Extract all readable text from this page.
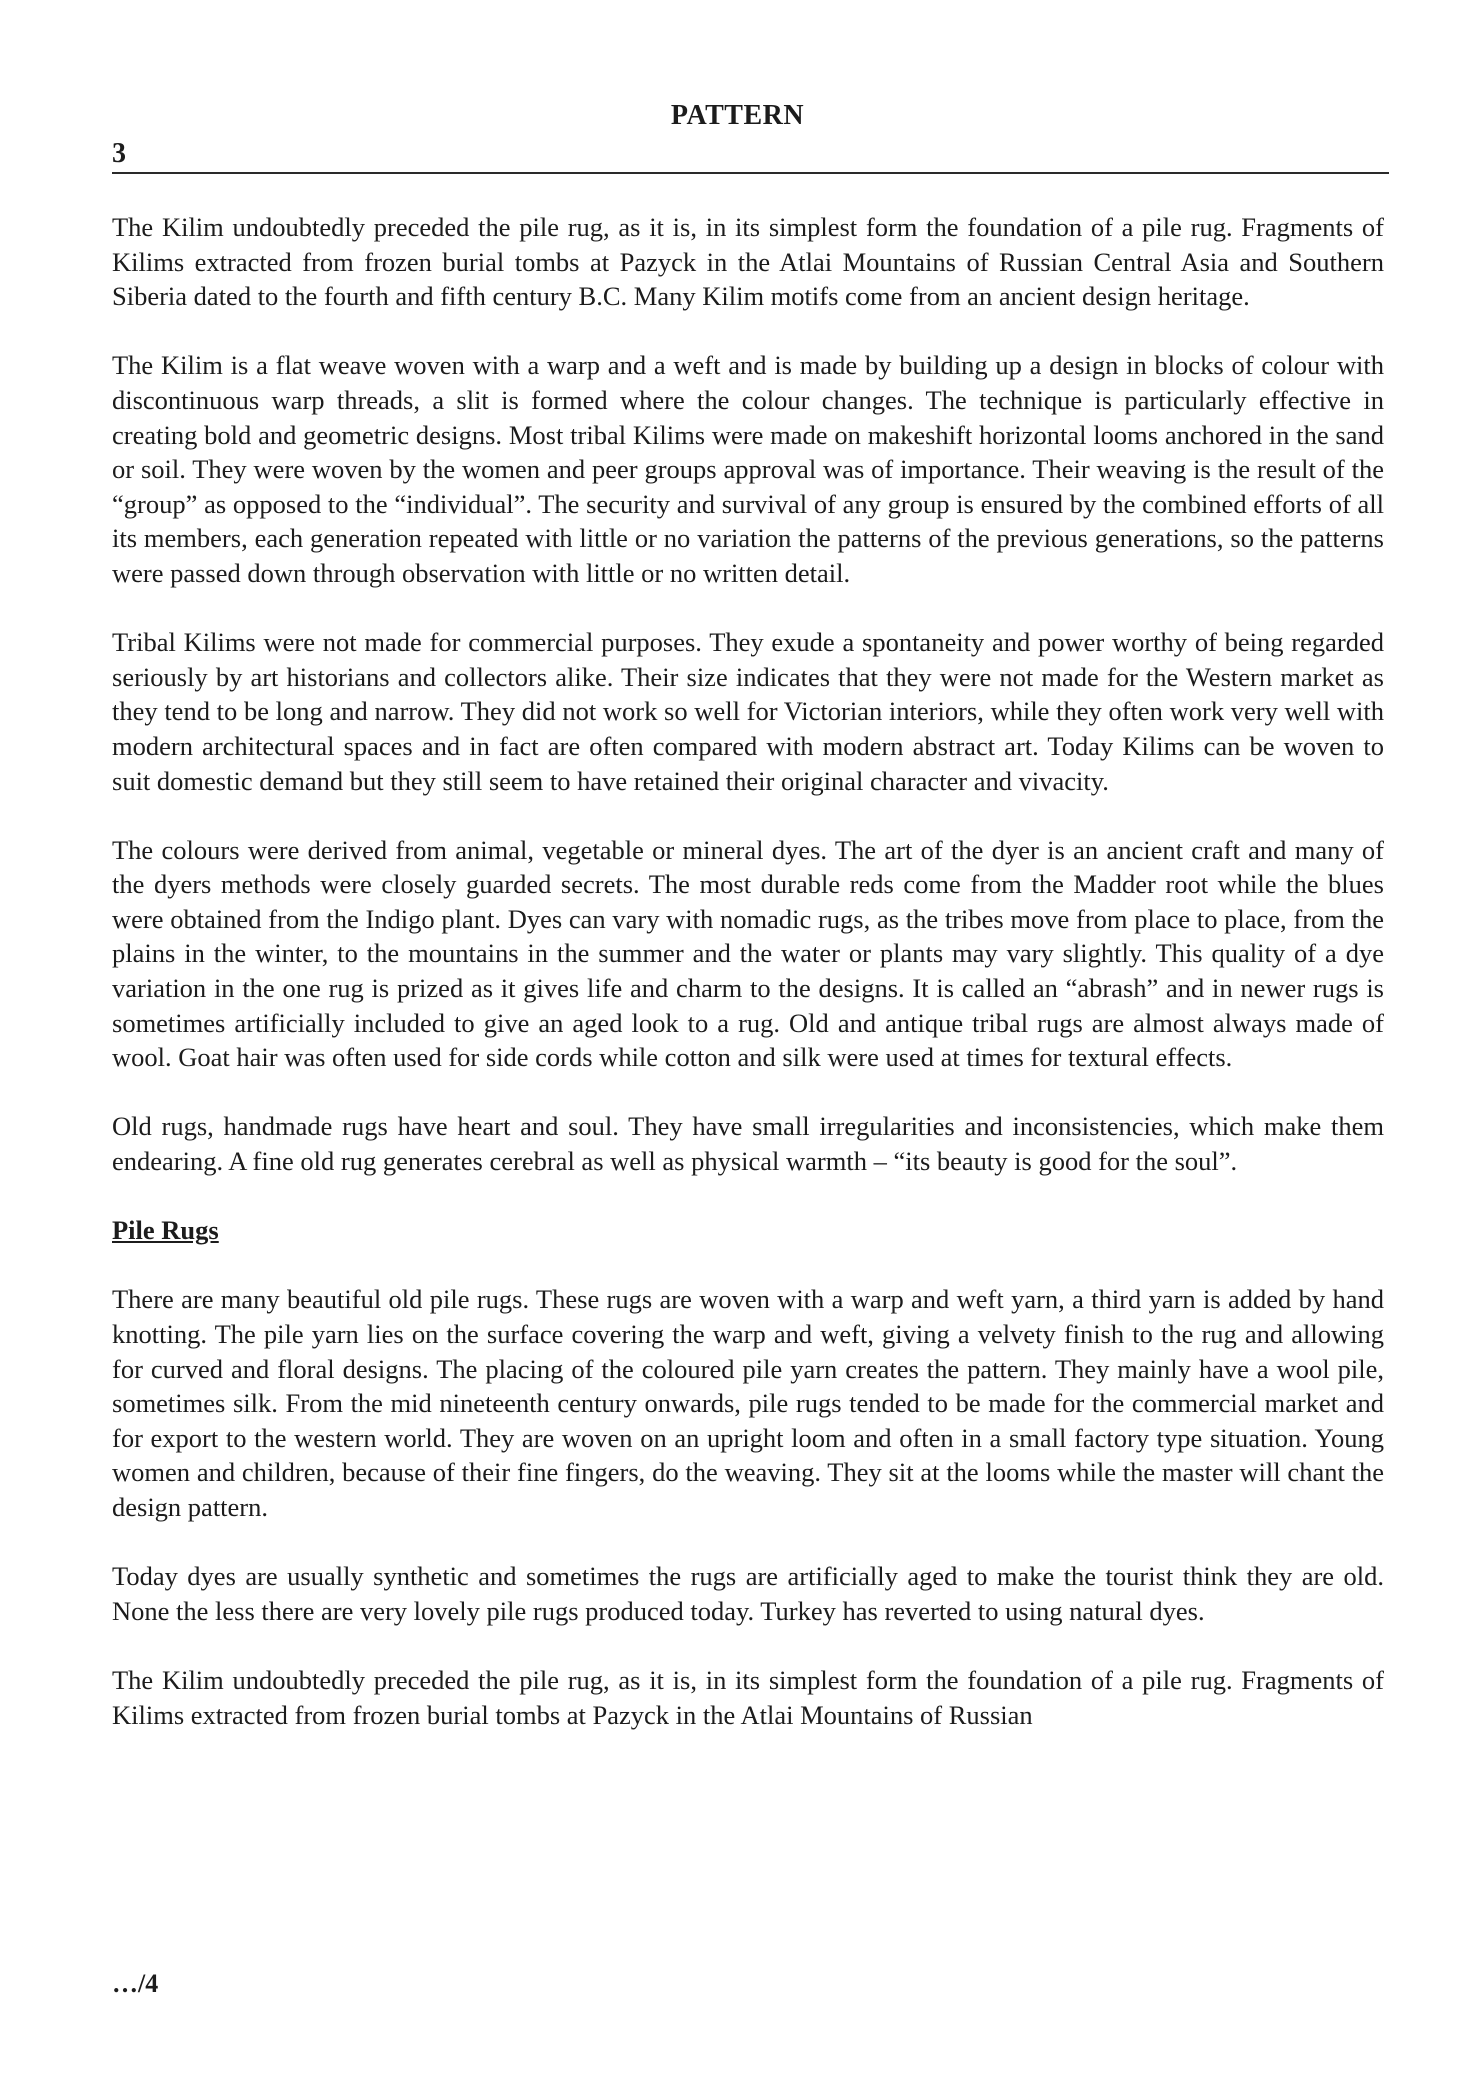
PATTERN
3

The Kilim undoubtedly preceded the pile rug, as it is, in its simplest form the foundation of a pile rug. Fragments of Kilims extracted from frozen burial tombs at Pazyck in the Atlai Mountains of Russian Central Asia and Southern Siberia dated to the fourth and fifth century B.C. Many Kilim motifs come from an ancient design heritage.

The Kilim is a flat weave woven with a warp and a weft and is made by building up a design in blocks of colour with discontinuous warp threads, a slit is formed where the colour changes. The technique is particularly effective in creating bold and geometric designs. Most tribal Kilims were made on makeshift horizontal looms anchored in the sand or soil. They were woven by the women and peer groups approval was of importance. Their weaving is the result of the “group” as opposed to the “individual”. The security and survival of any group is ensured by the combined efforts of all its members, each generation repeated with little or no variation the patterns of the previous generations, so the patterns were passed down through observation with little or no written detail.

Tribal Kilims were not made for commercial purposes. They exude a spontaneity and power worthy of being regarded seriously by art historians and collectors alike. Their size indicates that they were not made for the Western market as they tend to be long and narrow. They did not work so well for Victorian interiors, while they often work very well with modern architectural spaces and in fact are often compared with modern abstract art. Today Kilims can be woven to suit domestic demand but they still seem to have retained their original character and vivacity.

The colours were derived from animal, vegetable or mineral dyes. The art of the dyer is an ancient craft and many of the dyers methods were closely guarded secrets. The most durable reds come from the Madder root while the blues were obtained from the Indigo plant. Dyes can vary with nomadic rugs, as the tribes move from place to place, from the plains in the winter, to the mountains in the summer and the water or plants may vary slightly. This quality of a dye variation in the one rug is prized as it gives life and charm to the designs. It is called an “abrash” and in newer rugs is sometimes artificially included to give an aged look to a rug. Old and antique tribal rugs are almost always made of wool. Goat hair was often used for side cords while cotton and silk were used at times for textural effects.

Old rugs, handmade rugs have heart and soul. They have small irregularities and inconsistencies, which make them endearing. A fine old rug generates cerebral as well as physical warmth – “its beauty is good for the soul”.

Pile Rugs

There are many beautiful old pile rugs. These rugs are woven with a warp and weft yarn, a third yarn is added by hand knotting. The pile yarn lies on the surface covering the warp and weft, giving a velvety finish to the rug and allowing for curved and floral designs. The placing of the coloured pile yarn creates the pattern. They mainly have a wool pile, sometimes silk. From the mid nineteenth century onwards, pile rugs tended to be made for the commercial market and for export to the western world. They are woven on an upright loom and often in a small factory type situation. Young women and children, because of their fine fingers, do the weaving. They sit at the looms while the master will chant the design pattern.

Today dyes are usually synthetic and sometimes the rugs are artificially aged to make the tourist think they are old. None the less there are very lovely pile rugs produced today. Turkey has reverted to using natural dyes.

The Kilim undoubtedly preceded the pile rug, as it is, in its simplest form the foundation of a pile rug. Fragments of Kilims extracted from frozen burial tombs at Pazyck in the Atlai Mountains of Russian

…/4
